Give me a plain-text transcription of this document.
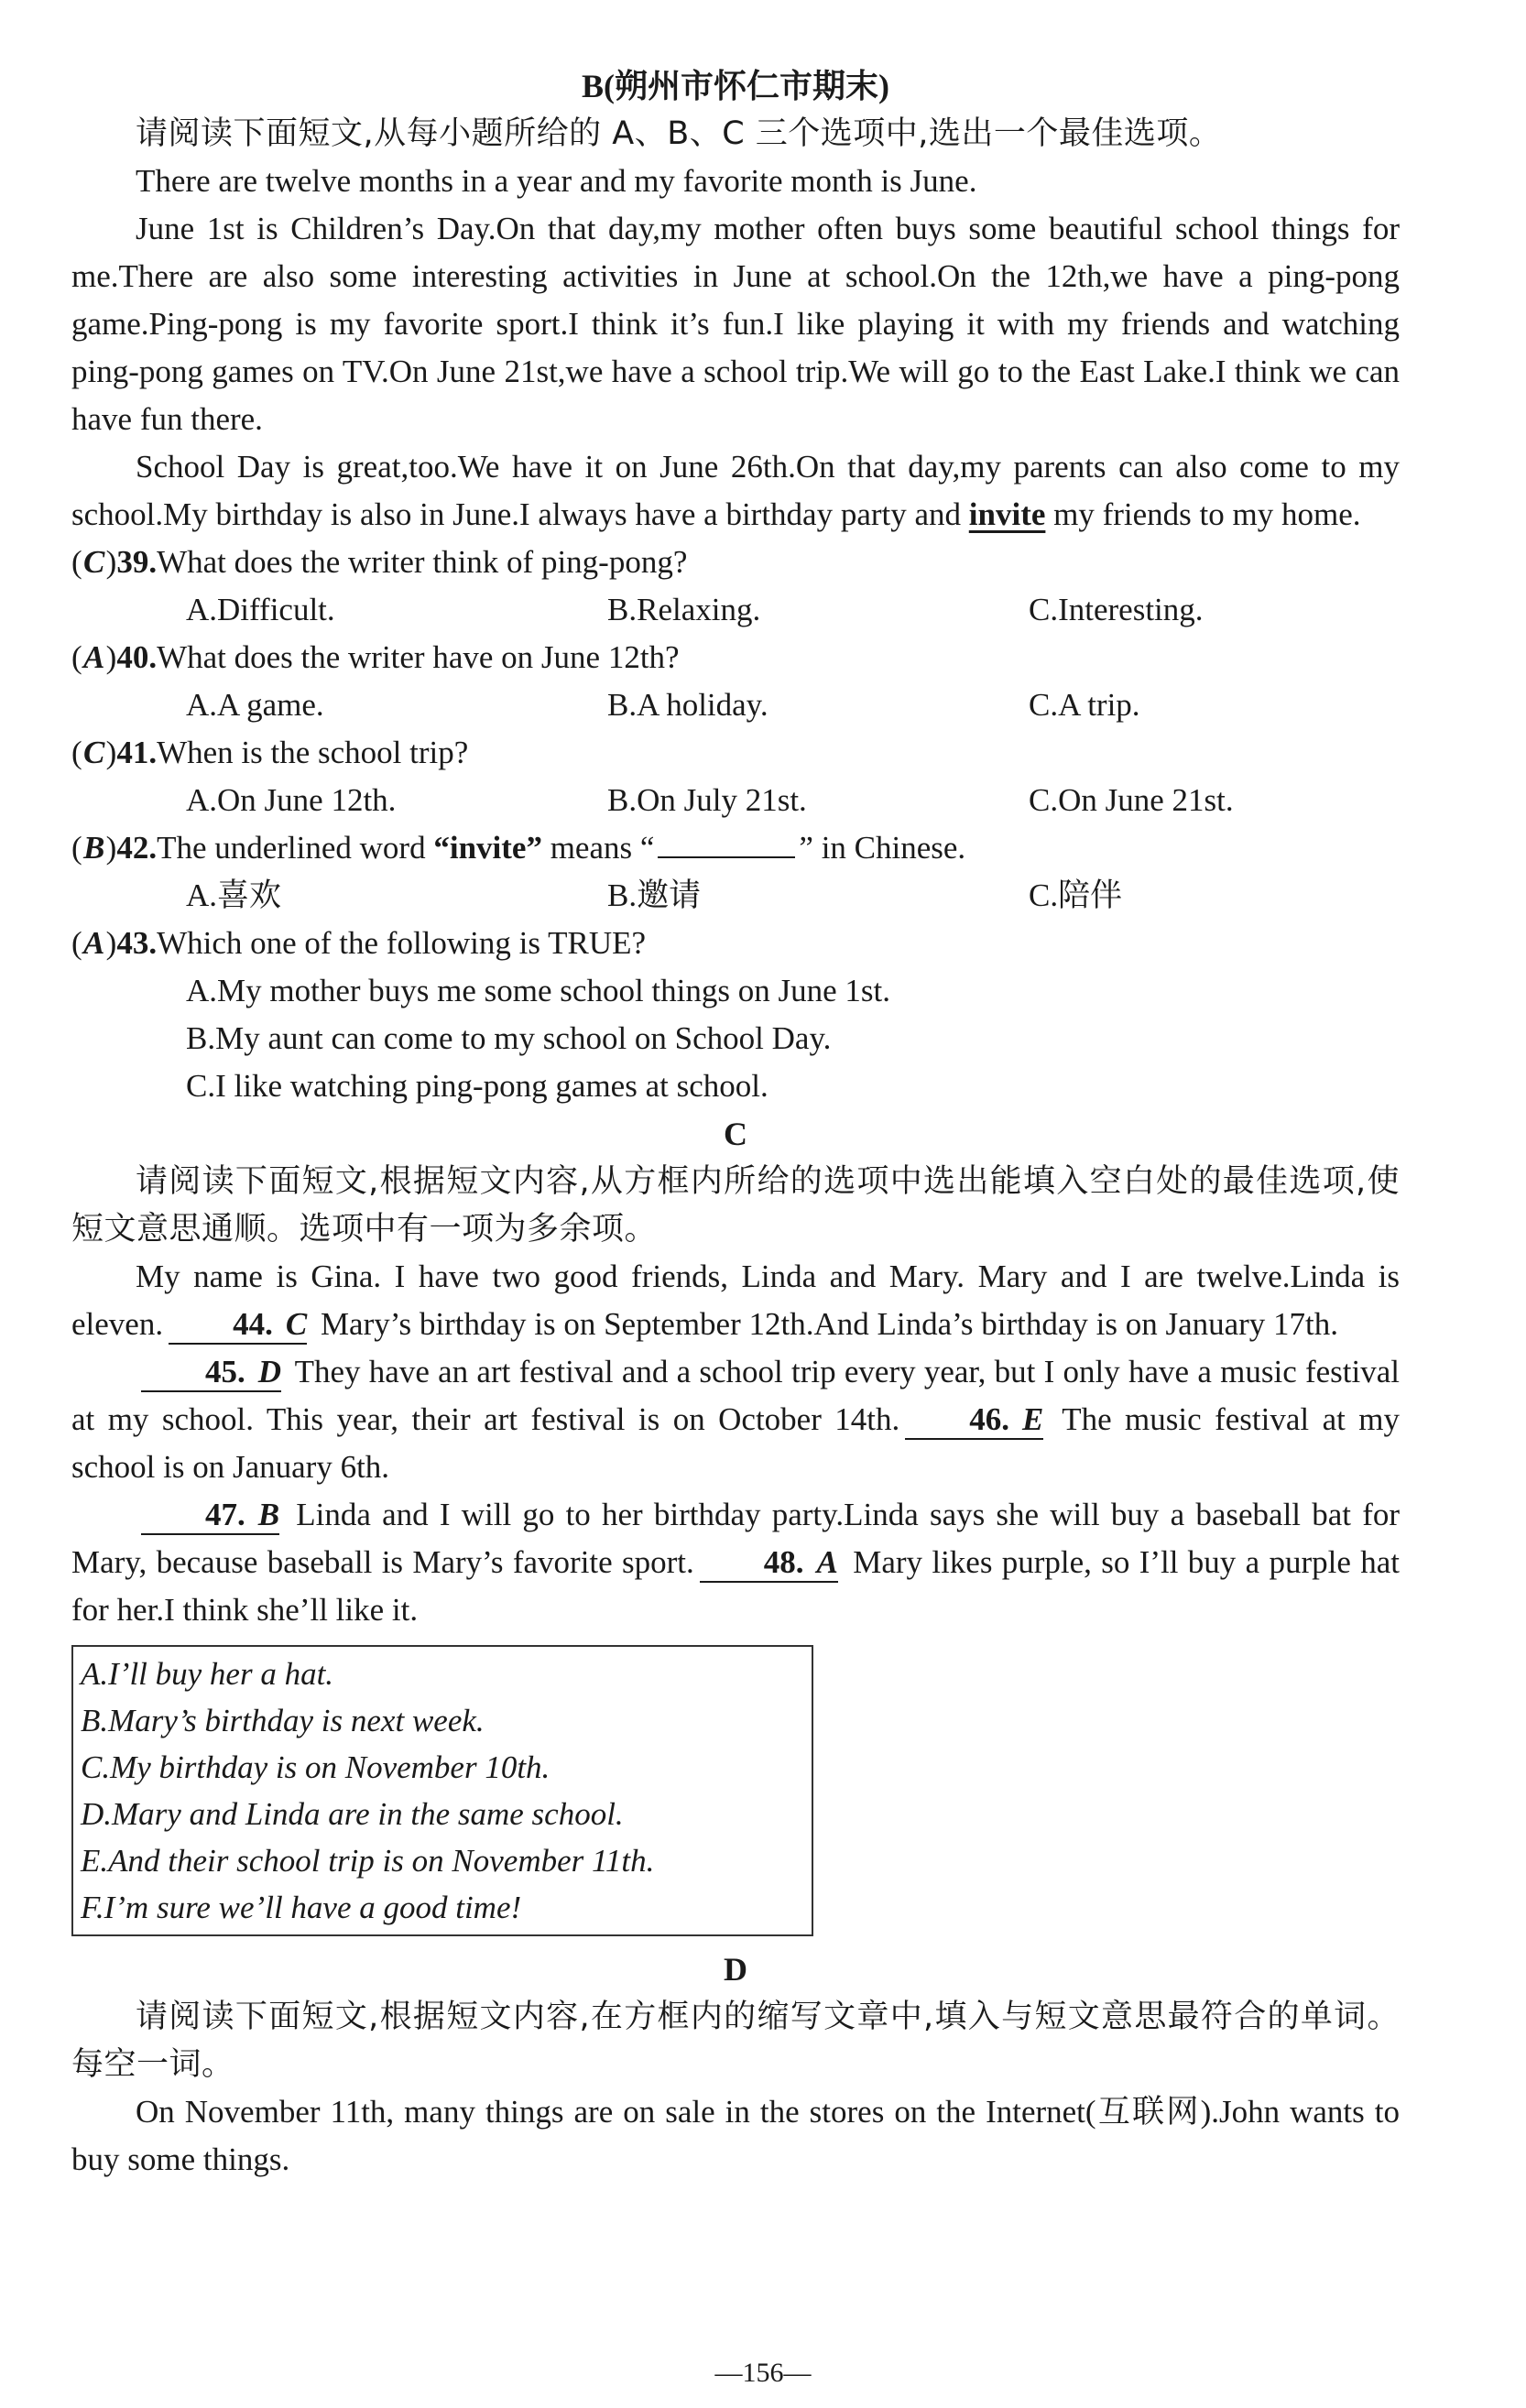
B(朔州市怀仁市期末)

请阅读下面短文,从每小题所给的 A、B、C 三个选项中,选出一个最佳选项。

There are twelve months in a year and my favorite month is June.

June 1st is Children’s Day.On that day,my mother often buys some beautiful school things for me.There are also some interesting activities in June at school.On the 12th,we have a ping-pong game.Ping-pong is my favorite sport.I think it’s fun.I like playing it with my friends and watching ping-pong games on TV.On June 21st,we have a school trip.We will go to the East Lake.I think we can have fun there.

School Day is great,too.We have it on June 26th.On that day,my parents can also come to my school.My birthday is also in June.I always have a birthday party and invite my friends to my home.

(C)39.What does the writer think of ping-pong?

A.Difficult.	B.Relaxing.	C.Interesting.

(A)40.What does the writer have on June 12th?

A.A game.	B.A holiday.	C.A trip.

(C)41.When is the school trip?

A.On June 12th.	B.On July 21st.	C.On June 21st.

(B)42.The underlined word “invite” means “	” in Chinese.

A.喜欢	B.邀请	C.陪伴

(A)43.Which one of the following is TRUE?

A.My mother buys me some school things on June 1st.

B.My aunt can come to my school on School Day.

C.I like watching ping-pong games at school.

C

请阅读下面短文,根据短文内容,从方框内所给的选项中选出能填入空白处的最佳选项,使短文意思通顺。选项中有一项为多余项。

My name is Gina. I have two good friends, Linda and Mary. Mary and I are twelve.Linda is eleven. 44. C Mary’s birthday is on September 12th.And Linda’s birthday is on January 17th.

45. D They have an art festival and a school trip every year, but I only have a music festival at my school. This year, their art festival is on October 14th. 46. E The music festival at my school is on January 6th.

47. B Linda and I will go to her birthday party.Linda says she will buy a baseball bat for Mary, because baseball is Mary’s favorite sport. 48. A Mary likes purple, so I’ll buy a purple hat for her.I think she’ll like it.

A.I’ll buy her a hat.

B.Mary’s birthday is next week.

C.My birthday is on November 10th.

D.Mary and Linda are in the same school.

E.And their school trip is on November 11th.

F.I’m sure we’ll have a good time!

D

请阅读下面短文,根据短文内容,在方框内的缩写文章中,填入与短文意思最符合的单词。每空一词。

On November 11th, many things are on sale in the stores on the Internet(互联网).John wants to buy some things.

—156—
